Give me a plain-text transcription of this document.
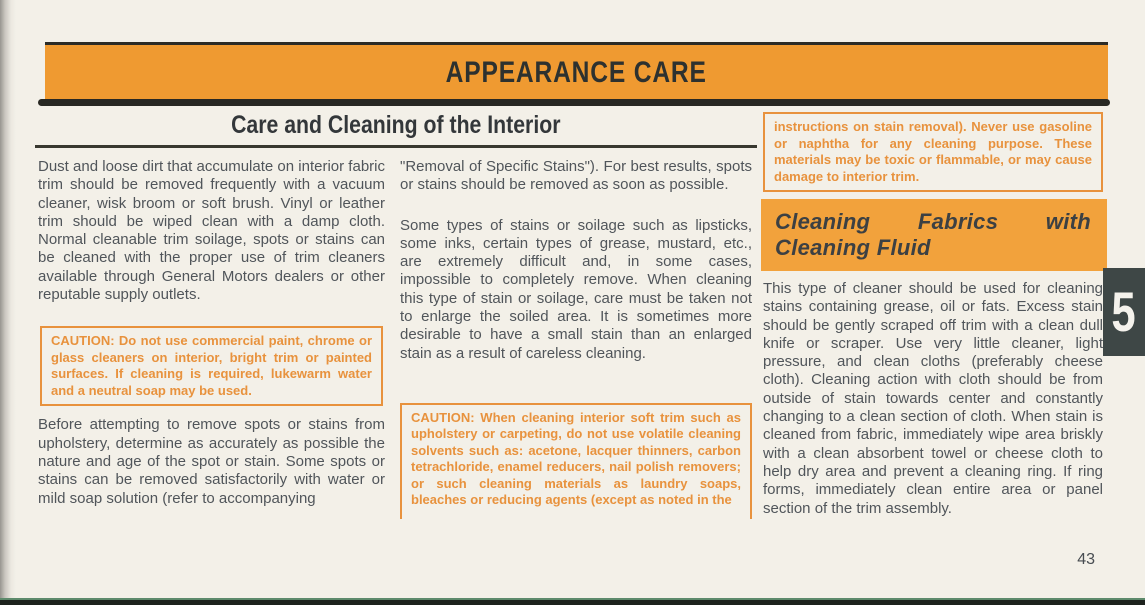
APPEARANCE CARE
Care and Cleaning of the Interior

Dust and loose dirt that accumulate on interior fabric trim should be removed frequently with a vacuum cleaner, wisk broom or soft brush. Vinyl or leather trim should be wiped clean with a damp cloth. Normal cleanable trim soilage, spots or stains can be cleaned with the proper use of trim cleaners available through General Motors dealers or other reputable supply outlets.

CAUTION: Do not use commercial paint, chrome or glass cleaners on interior, bright trim or painted surfaces. If cleaning is required, lukewarm water and a neutral soap may be used.

Before attempting to remove spots or stains from upholstery, determine as accurately as possible the nature and age of the spot or stain. Some spots or stains can be removed satisfactorily with water or mild soap solution (refer to accompanying

"Removal of Specific Stains"). For best results, spots or stains should be removed as soon as possible.

Some types of stains or soilage such as lipsticks, some inks, certain types of grease, mustard, etc., are extremely difficult and, in some cases, impossible to completely remove. When cleaning this type of stain or soilage, care must be taken not to enlarge the soiled area. It is sometimes more desirable to have a small stain than an enlarged stain as a result of careless cleaning.

CAUTION: When cleaning interior soft trim such as upholstery or carpeting, do not use volatile cleaning solvents such as: acetone, lacquer thinners, carbon tetrachloride, enamel reducers, nail polish removers; or such cleaning materials as laundry soaps, bleaches or reducing agents (except as noted in the
instructions on stain removal). Never use gasoline or naphtha for any cleaning purpose. These materials may be toxic or flammable, or may cause damage to interior trim.

Cleaning Fabrics with Cleaning Fluid

This type of cleaner should be used for cleaning stains containing grease, oil or fats. Excess stain should be gently scraped off trim with a clean dull knife or scraper. Use very little cleaner, light pressure, and clean cloths (preferably cheese cloth). Cleaning action with cloth should be from outside of stain towards center and constantly changing to a clean section of cloth. When stain is cleaned from fabric, immediately wipe area briskly with a clean absorbent towel or cheese cloth to help dry area and prevent a cleaning ring. If ring forms, immediately clean entire area or panel section of the trim assembly.

5
43
